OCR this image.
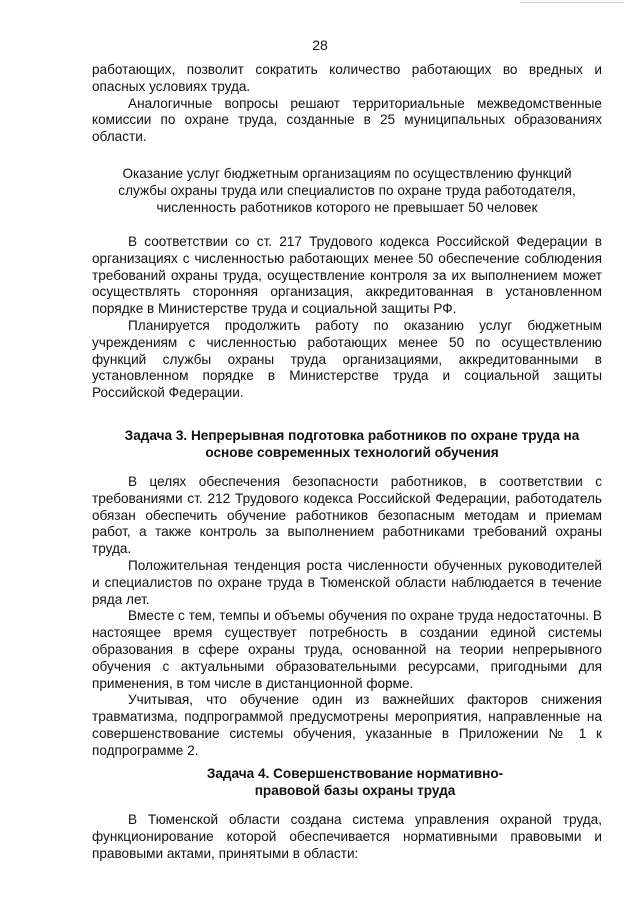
28

работающих, позволит сократить количество работающих во вредных и опасных условиях труда.

Аналогичные вопросы решают территориальные межведомственные комиссии по охране труда, созданные в 25 муниципальных образованиях области.

Оказание услуг бюджетным организациям по осуществлению функций службы охраны труда или специалистов по охране труда работодателя, численность работников которого не превышает 50 человек

В соответствии со ст. 217 Трудового кодекса Российской Федерации в организациях с численностью работающих менее 50 обеспечение соблюдения требований охраны труда, осуществление контроля за их выполнением может осуществлять сторонняя организация, аккредитованная в установленном порядке в Министерстве труда и социальной защиты РФ.

Планируется продолжить работу по оказанию услуг бюджетным учреждениям с численностью работающих менее 50 по осуществлению функций службы охраны труда организациями, аккредитованными в установленном порядке в Министерстве труда и социальной защиты Российской Федерации.

Задача 3. Непрерывная подготовка работников по охране труда на основе современных технологий обучения

В целях обеспечения безопасности работников, в соответствии с требованиями ст. 212 Трудового кодекса Российской Федерации, работодатель обязан обеспечить обучение работников безопасным методам и приемам работ, а также контроль за выполнением работниками требований охраны труда.

Положительная тенденция роста численности обученных руководителей и специалистов по охране труда в Тюменской области наблюдается в течение ряда лет.

Вместе с тем, темпы и объемы обучения по охране труда недостаточны. В настоящее время существует потребность в создании единой системы образования в сфере охраны труда, основанной на теории непрерывного обучения с актуальными образовательными ресурсами, пригодными для применения, в том числе в дистанционной форме.

Учитывая, что обучение один из важнейших факторов снижения травматизма, подпрограммой предусмотрены мероприятия, направленные на совершенствование системы обучения, указанные в Приложении № 1 к подпрограмме 2.

Задача 4. Совершенствование нормативно-правовой базы охраны труда

В Тюменской области создана система управления охраной труда, функционирование которой обеспечивается нормативными правовыми и правовыми актами, принятыми в области:
